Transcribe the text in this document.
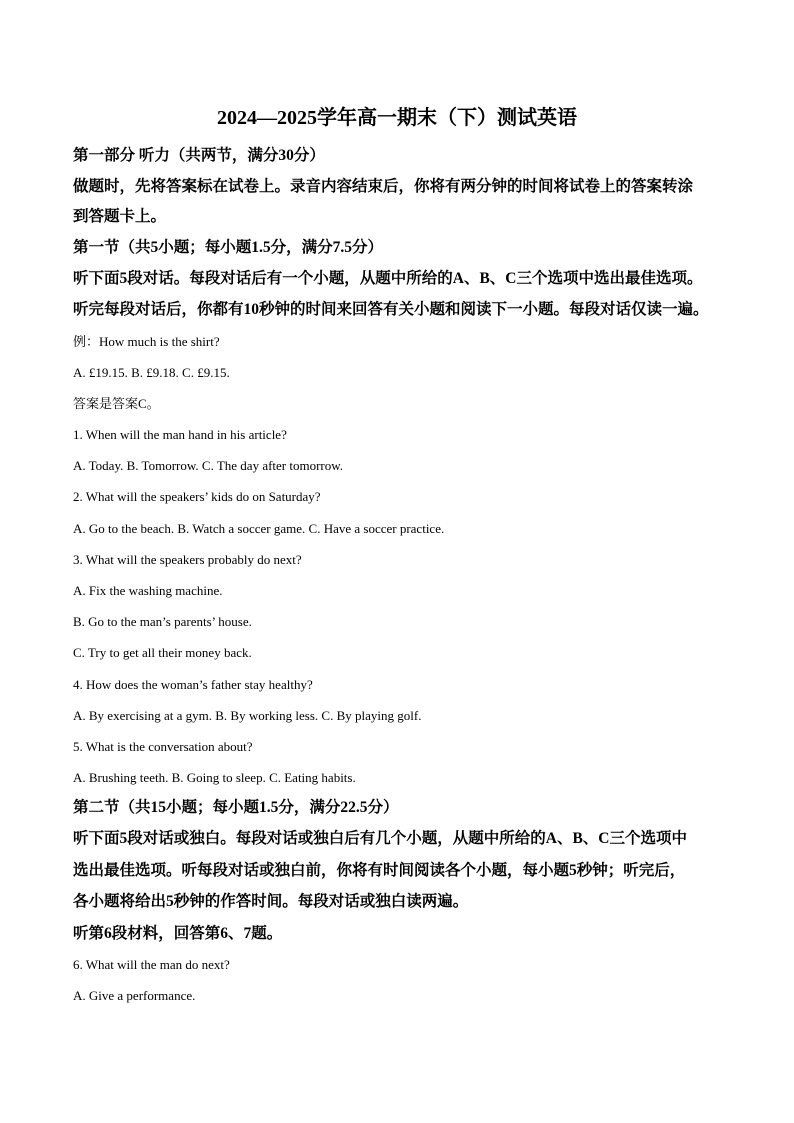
2024—2025学年高一期末（下）测试英语
第一部分 听力（共两节，满分30分）
做题时，先将答案标在试卷上。录音内容结束后，你将有两分钟的时间将试卷上的答案转涂
到答题卡上。
第一节（共5小题；每小题1.5分，满分7.5分）
听下面5段对话。每段对话后有一个小题，从题中所给的A、B、C三个选项中选出最佳选项。
听完每段对话后，你都有10秒钟的时间来回答有关小题和阅读下一小题。每段对话仅读一遍。
例：How much is the shirt?
A. £19.15. B. £9.18. C. £9.15.
答案是答案C。
1. When will the man hand in his article?
A. Today. B. Tomorrow. C. The day after tomorrow.
2. What will the speakers’ kids do on Saturday?
A. Go to the beach. B. Watch a soccer game. C. Have a soccer practice.
3. What will the speakers probably do next?
A. Fix the washing machine.
B. Go to the man’s parents’ house.
C. Try to get all their money back.
4. How does the woman’s father stay healthy?
A. By exercising at a gym. B. By working less. C. By playing golf.
5. What is the conversation about?
A. Brushing teeth. B. Going to sleep. C. Eating habits.
第二节（共15小题；每小题1.5分，满分22.5分）
听下面5段对话或独白。每段对话或独白后有几个小题，从题中所给的A、B、C三个选项中
选出最佳选项。听每段对话或独白前，你将有时间阅读各个小题，每小题5秒钟；听完后，
各小题将给出5秒钟的作答时间。每段对话或独白读两遍。
听第6段材料，回答第6、7题。
6. What will the man do next?
A. Give a performance.
